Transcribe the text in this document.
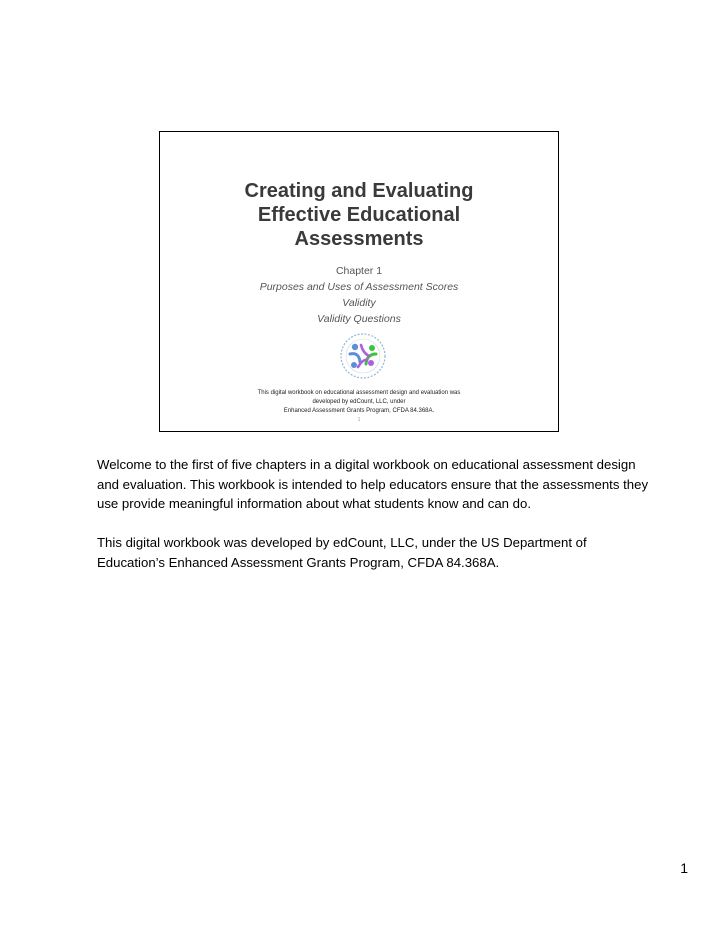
Creating and Evaluating
Effective Educational
Assessments
Chapter 1
Purposes and Uses of Assessment Scores
Validity
Validity Questions
This digital workbook on educational assessment design and evaluation was
developed by edCount, LLC, under
Enhanced Assessment Grants Program, CFDA 84.368A.
1

Welcome to the first of five chapters in a digital workbook on educational assessment design and evaluation. This workbook is intended to help educators ensure that the assessments they use provide meaningful information about what students know and can do.

This digital workbook was developed by edCount, LLC, under the US Department of Education’s Enhanced Assessment Grants Program, CFDA 84.368A.

1
